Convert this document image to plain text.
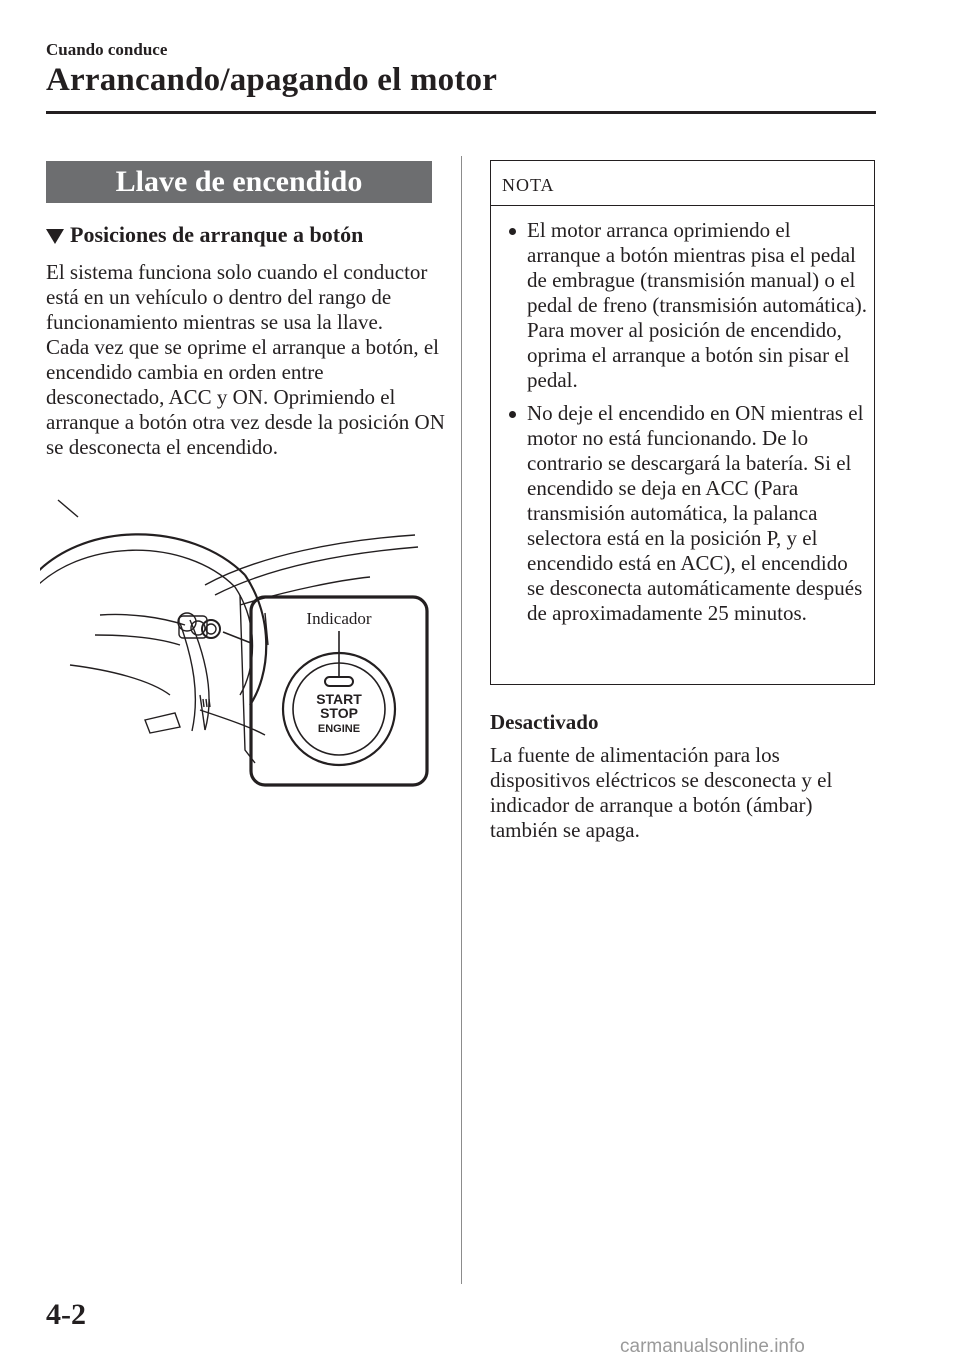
Cuando conduce
Arrancando/apagando el motor
Llave de encendido
Posiciones de arranque a botón

El sistema funciona solo cuando el conductor está en un vehículo o dentro del rango de funcionamiento mientras se usa la llave.

Cada vez que se oprime el arranque a botón, el encendido cambia en orden entre desconectado, ACC y ON. Oprimiendo el arranque a botón otra vez desde la posición ON se desconecta el encendido.

Indicador
START
STOP
ENGINE
NOTA
El motor arranca oprimiendo el arranque a botón mientras pisa el pedal de embrague (transmisión manual) o el pedal de freno (transmisión automática). Para mover al posición de encendido, oprima el arranque a botón sin pisar el pedal.
No deje el encendido en ON mientras el motor no está funcionando. De lo contrario se descargará la batería. Si el encendido se deja en ACC (Para transmisión automática, la palanca selectora está en la posición P, y el encendido está en ACC), el encendido se desconecta automáticamente después de aproximadamente 25 minutos.
Desactivado
La fuente de alimentación para los dispositivos eléctricos se desconecta y el indicador de arranque a botón (ámbar) también se apaga.
4-2
carmanualsonline.info
